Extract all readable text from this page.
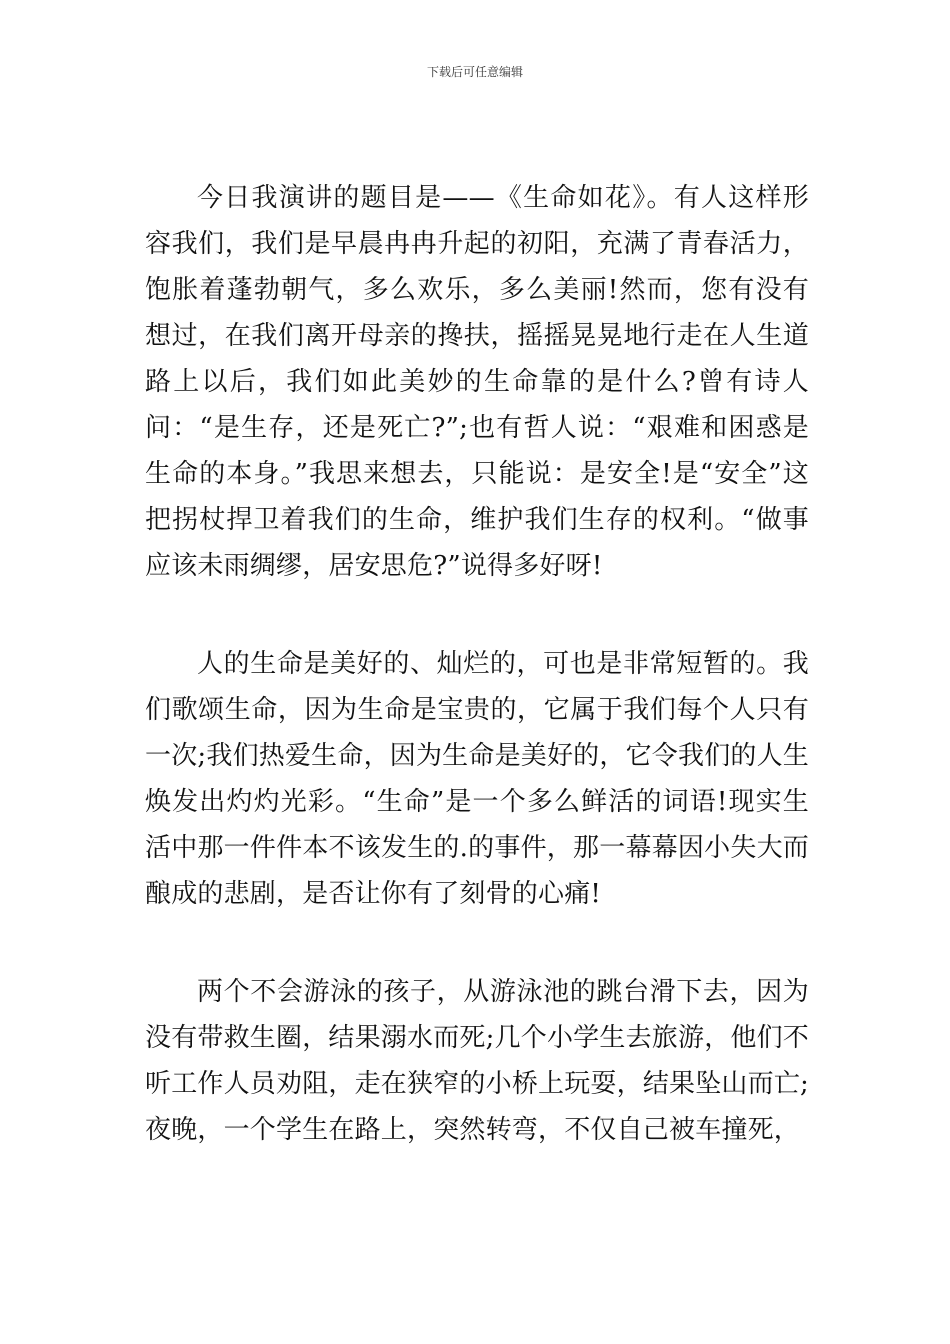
下载后可任意编辑

今日我演讲的题目是——《生命如花》。有人这样形容我们，我们是早晨冉冉升起的初阳，充满了青春活力，饱胀着蓬勃朝气，多么欢乐，多么美丽!然而，您有没有想过，在我们离开母亲的搀扶，摇摇晃晃地行走在人生道路上以后，我们如此美妙的生命靠的是什么?曾有诗人问：“是生存，还是死亡?”;也有哲人说：“艰难和困惑是生命的本身。”我思来想去，只能说：是安全!是“安全”这把拐杖捍卫着我们的生命，维护我们生存的权利。“做事应该未雨绸缪，居安思危?”说得多好呀!

人的生命是美好的、灿烂的，可也是非常短暂的。我们歌颂生命，因为生命是宝贵的，它属于我们每个人只有一次;我们热爱生命，因为生命是美好的，它令我们的人生焕发出灼灼光彩。“生命”是一个多么鲜活的词语!现实生活中那一件件本不该发生的.的事件，那一幕幕因小失大而酿成的悲剧，是否让你有了刻骨的心痛!

两个不会游泳的孩子，从游泳池的跳台滑下去，因为没有带救生圈，结果溺水而死;几个小学生去旅游，他们不听工作人员劝阻，走在狭窄的小桥上玩耍，结果坠山而亡;夜晚，一个学生在路上，突然转弯，不仅自己被车撞死，
